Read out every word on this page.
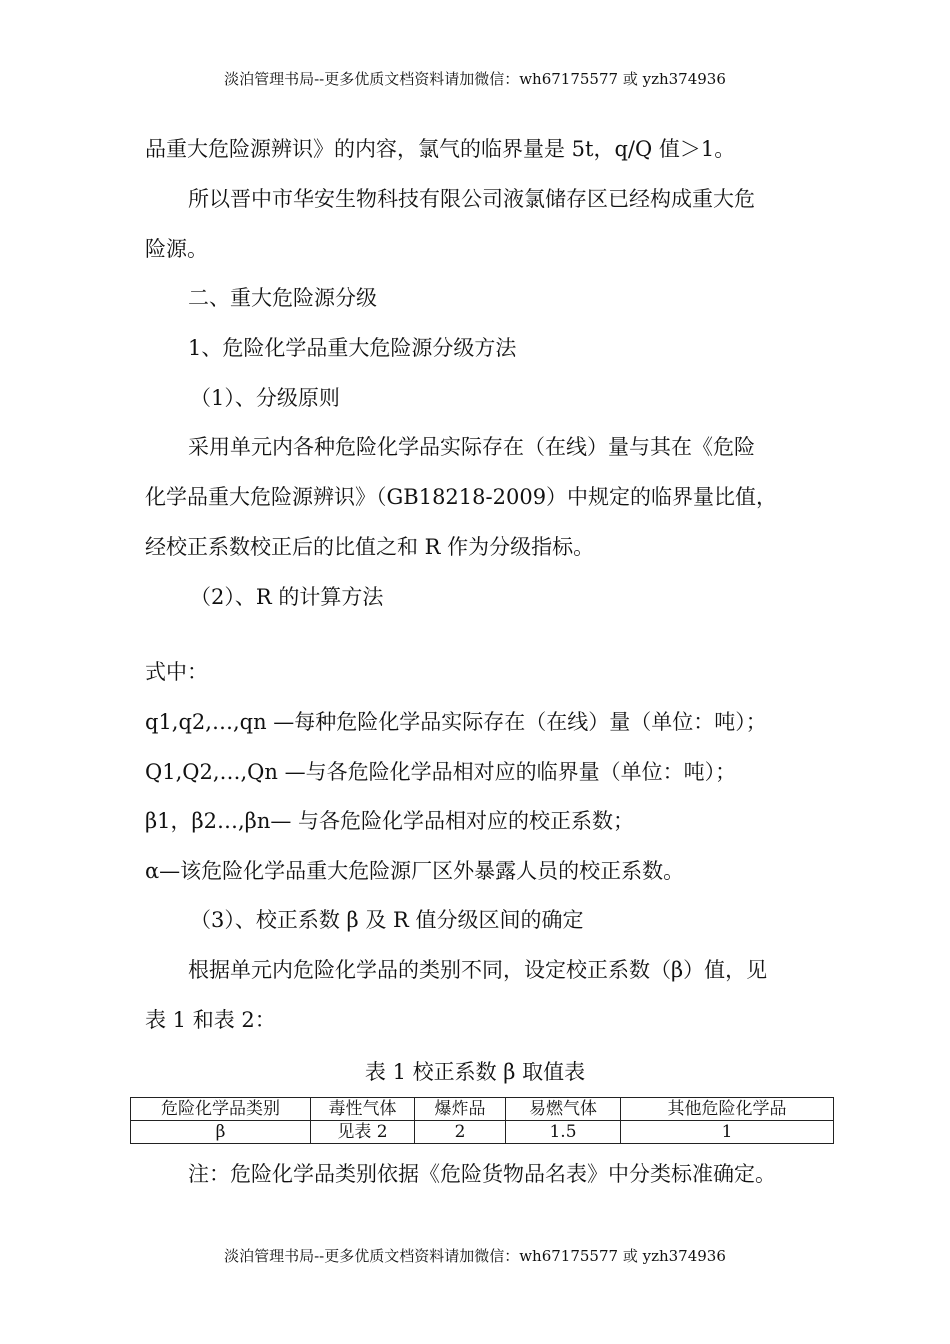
淡泊管理书局--更多优质文档资料请加微信：wh67175577 或 yzh374936

品重大危险源辨识》的内容，氯气的临界量是 5t，q/Q 值＞1。

所以晋中市华安生物科技有限公司液氯储存区已经构成重大危

险源。

二、重大危险源分级

1、危险化学品重大危险源分级方法

（1）、分级原则

采用单元内各种危险化学品实际存在（在线）量与其在《危险

化学品重大危险源辨识》（GB18218-2009）中规定的临界量比值，

经校正系数校正后的比值之和 R 作为分级指标。

（2）、R 的计算方法

式中：

q1,q2,…,qn —每种危险化学品实际存在（在线）量（单位：吨）；

Q1,Q2,…,Qn —与各危险化学品相对应的临界量（单位：吨）；

β1，β2…,βn— 与各危险化学品相对应的校正系数；

α—该危险化学品重大危险源厂区外暴露人员的校正系数。

（3）、校正系数 β 及 R 值分级区间的确定

根据单元内危险化学品的类别不同，设定校正系数（β）值，见

表 1 和表 2：

表 1 校正系数 β 取值表
危险化学品类别	毒性气体	爆炸品	易燃气体	其他危险化学品
β	见表 2	2	1.5	1

注：危险化学品类别依据《危险货物品名表》中分类标准确定。

淡泊管理书局--更多优质文档资料请加微信：wh67175577 或 yzh374936
